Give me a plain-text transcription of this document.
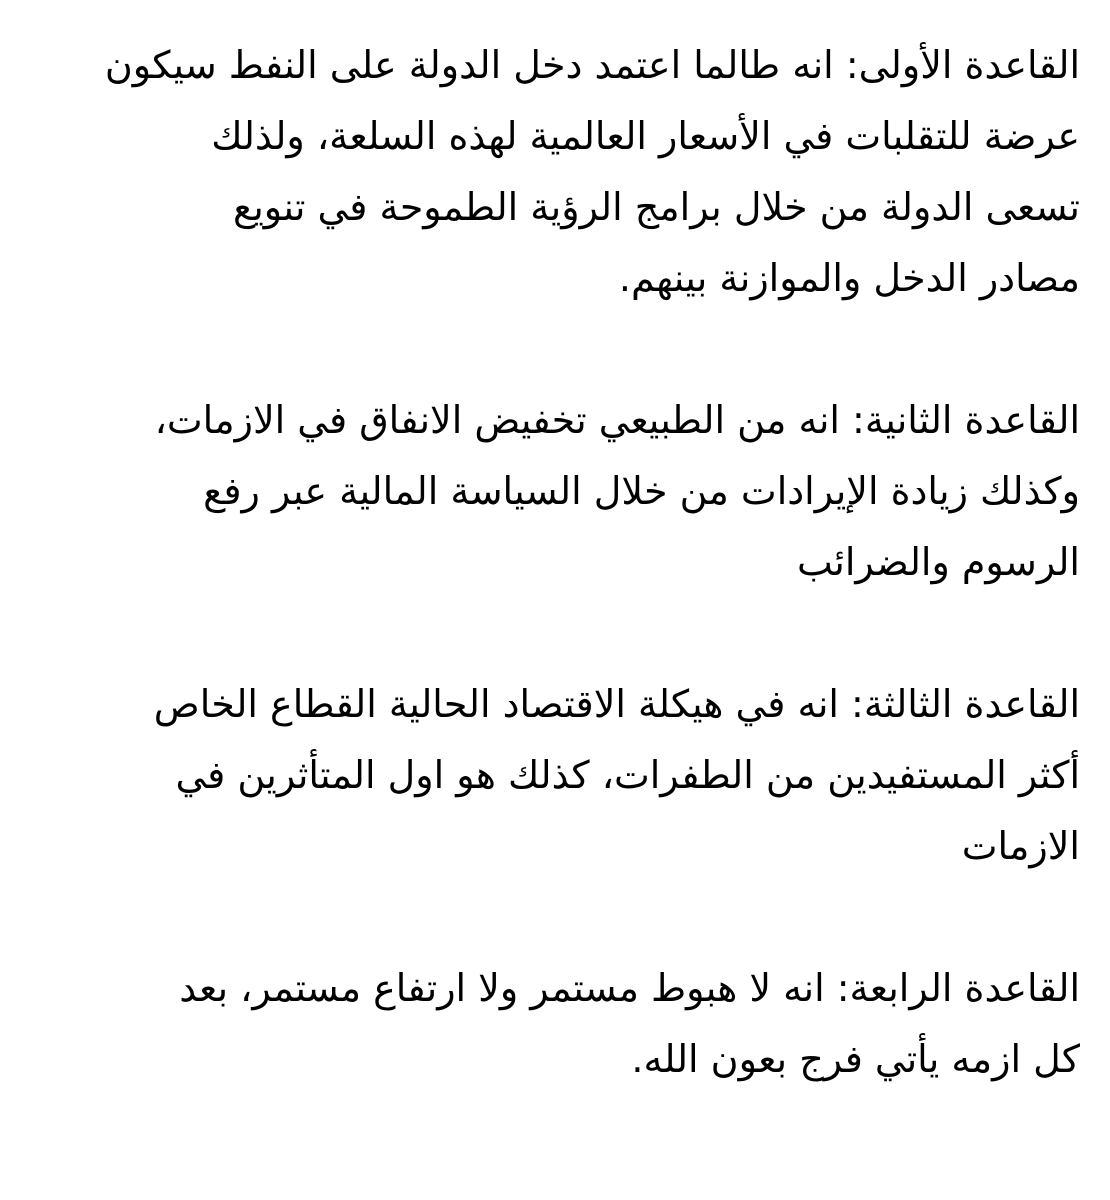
القاعدة الأولى: انه طالما اعتمد دخل الدولة على النفط سيكون
عرضة للتقلبات في الأسعار العالمية لهذه السلعة، ولذلك
تسعى الدولة من خلال برامج الرؤية الطموحة في تنويع
مصادر الدخل والموازنة بينهم.

القاعدة الثانية: انه من الطبيعي تخفيض الانفاق في الازمات،
وكذلك زيادة الإيرادات من خلال السياسة المالية عبر رفع
الرسوم والضرائب

القاعدة الثالثة: انه في هيكلة الاقتصاد الحالية القطاع الخاص
أكثر المستفيدين من الطفرات، كذلك هو اول المتأثرين في
الازمات

القاعدة الرابعة: انه لا هبوط مستمر ولا ارتفاع مستمر، بعد
كل ازمه يأتي فرج بعون الله.
